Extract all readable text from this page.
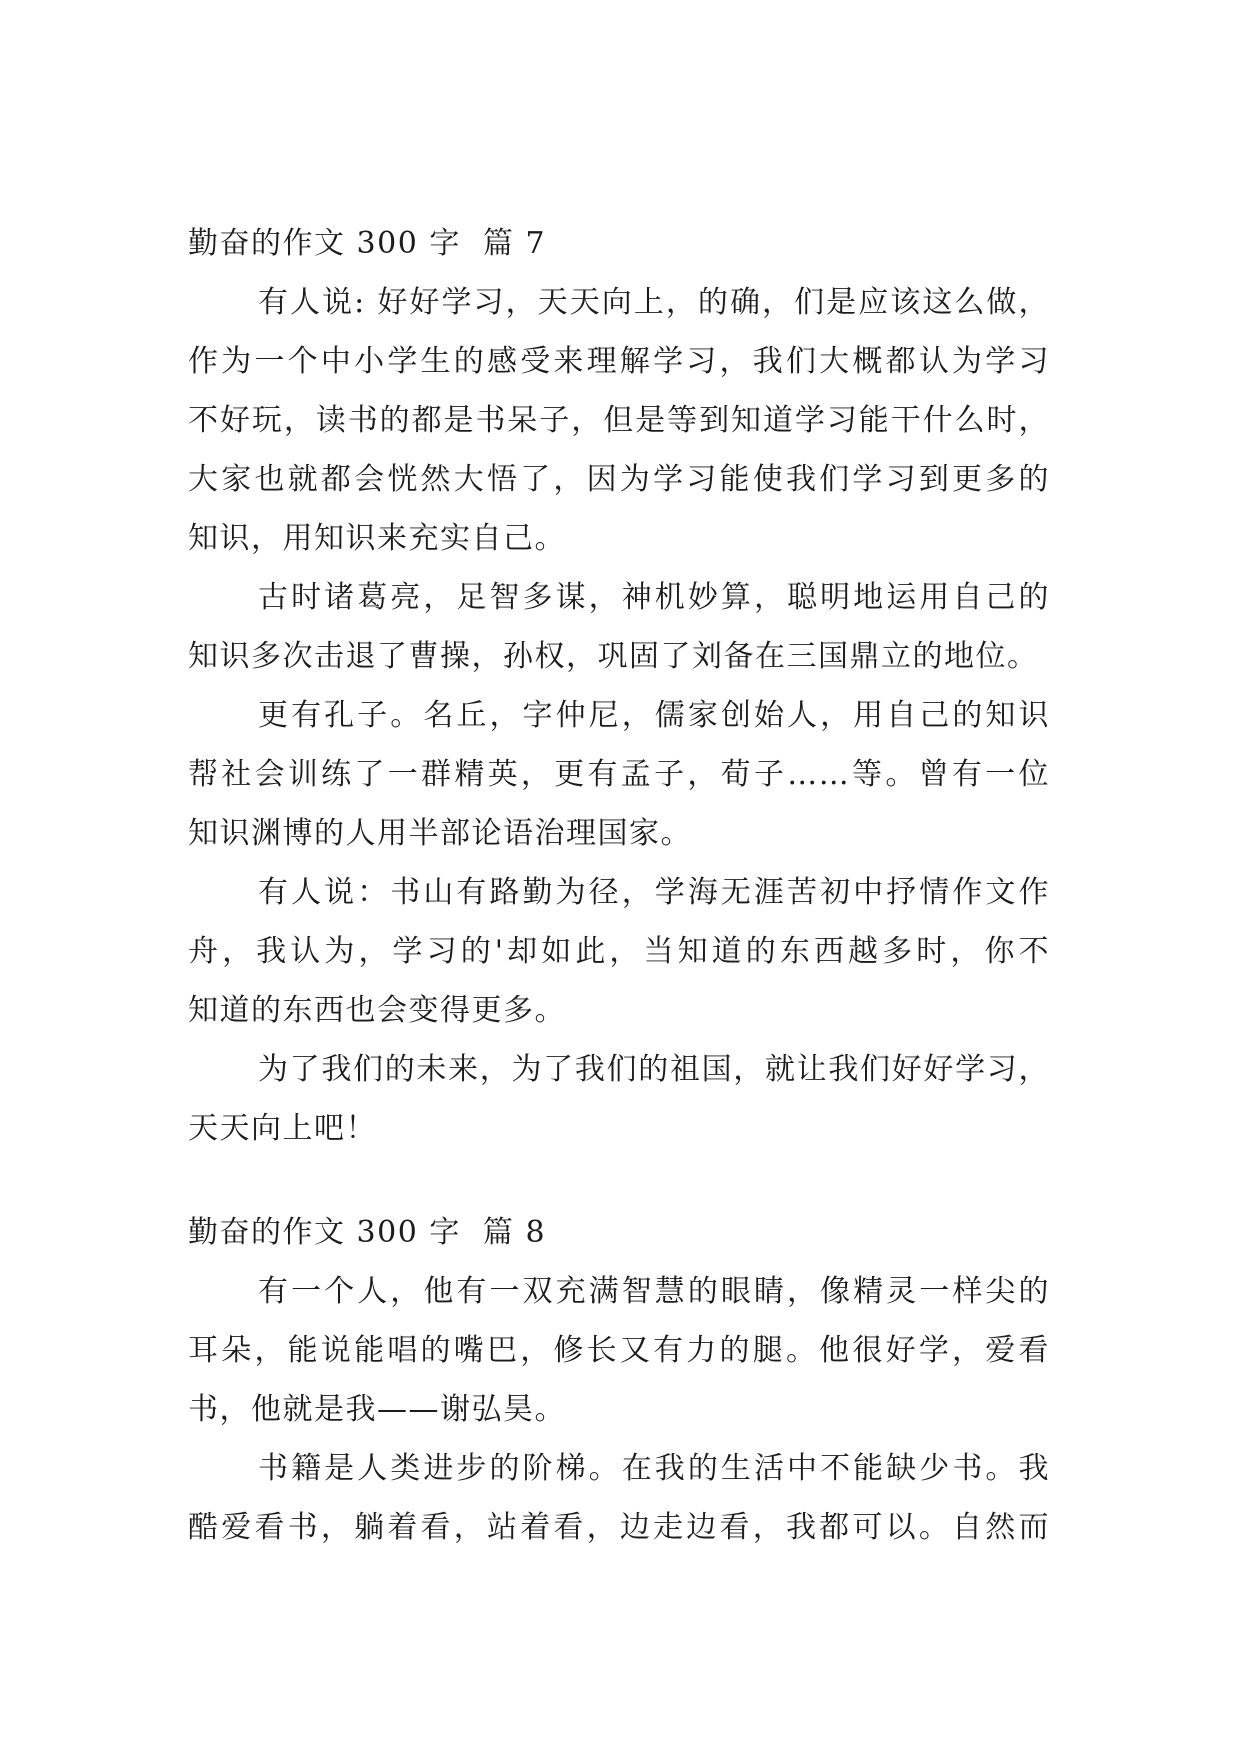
勤奋的作文 300 字  篇 7
有人说: 好好学习，天天向上，的确，们是应该这么做，
作为一个中小学生的感受来理解学习，我们大概都认为学习
不好玩，读书的都是书呆子，但是等到知道学习能干什么时，
大家也就都会恍然大悟了，因为学习能使我们学习到更多的
知识，用知识来充实自己。
古时诸葛亮，足智多谋，神机妙算，聪明地运用自己的
知识多次击退了曹操，孙权，巩固了刘备在三国鼎立的地位。
更有孔子。名丘，字仲尼，儒家创始人，用自己的知识
帮社会训练了一群精英，更有孟子，荀子……等。曾有一位
知识渊博的人用半部论语治理国家。
有人说：书山有路勤为径，学海无涯苦初中抒情作文作
舟，我认为，学习的'却如此，当知道的东西越多时，你不
知道的东西也会变得更多。
为了我们的未来，为了我们的祖国，就让我们好好学习，
天天向上吧！
勤奋的作文 300 字  篇 8
有一个人，他有一双充满智慧的眼睛，像精灵一样尖的
耳朵，能说能唱的嘴巴，修长又有力的腿。他很好学，爱看
书，他就是我——谢弘昊。
书籍是人类进步的阶梯。在我的生活中不能缺少书。我
酷爱看书，躺着看，站着看，边走边看，我都可以。自然而
